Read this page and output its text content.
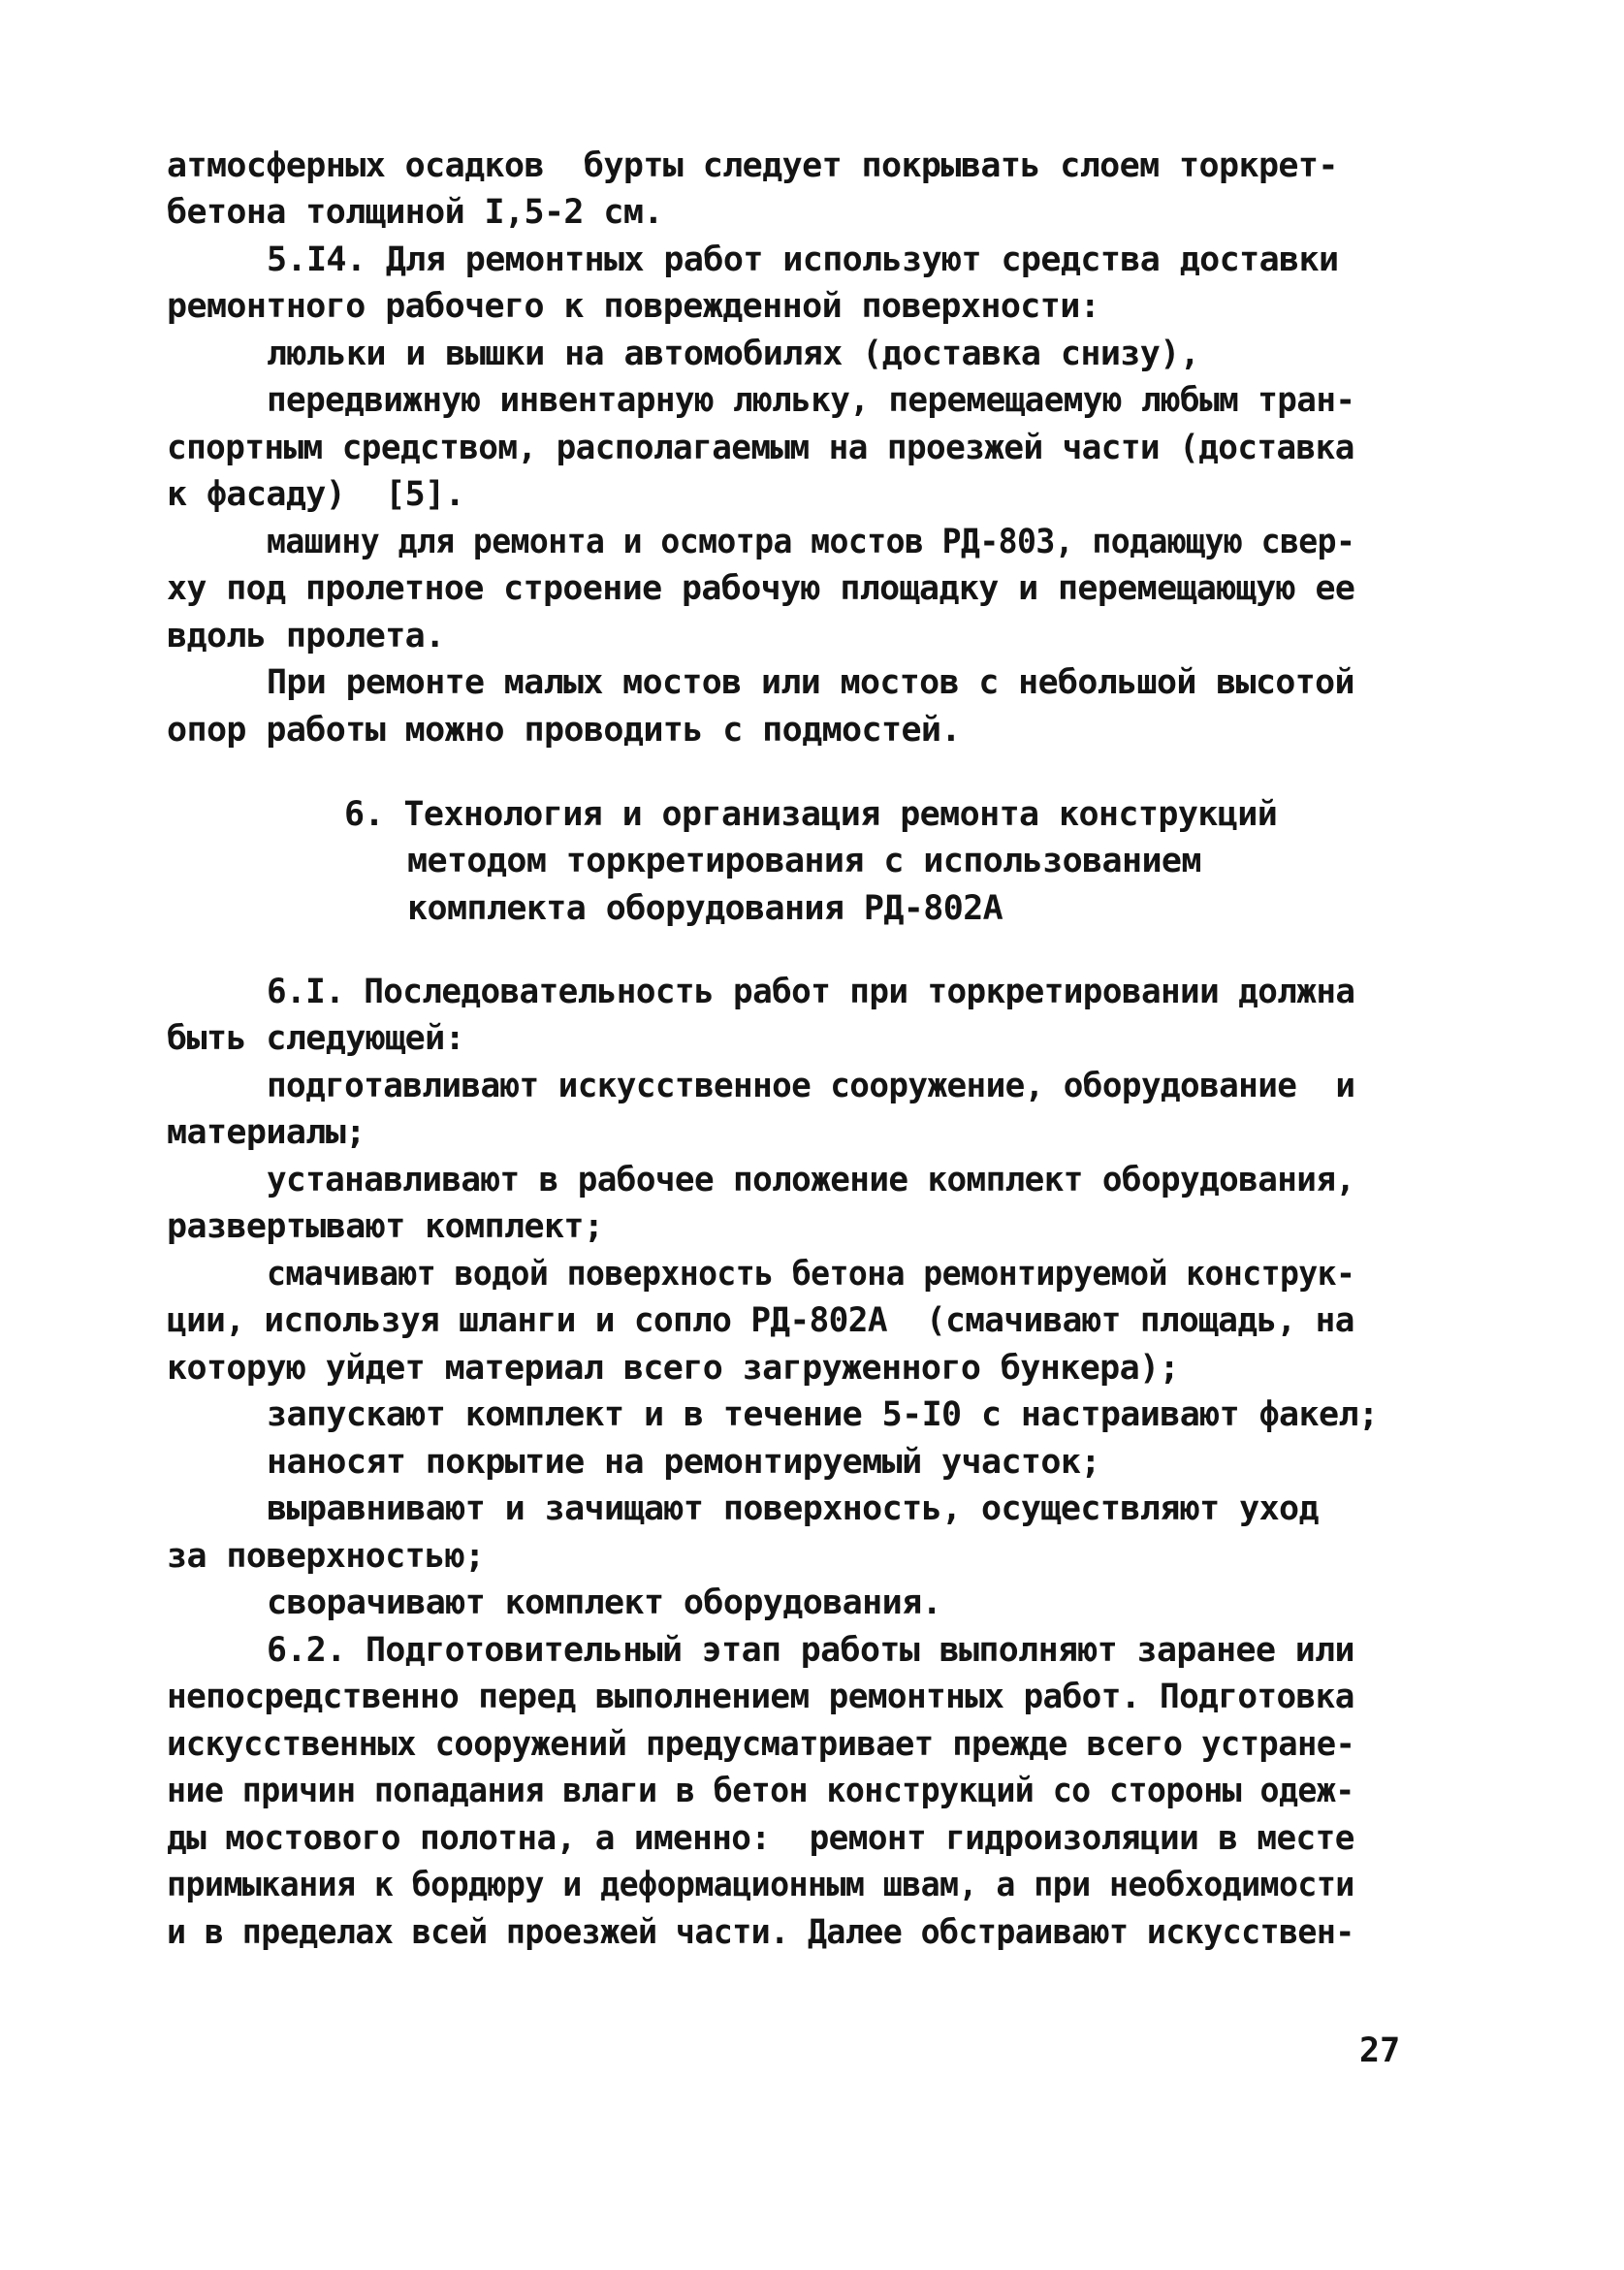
атмосферных осадков  бурты следует покрывать слоем торкрет-
бетона толщиной I,5-2 см.
5.I4. Для ремонтных работ используют средства доставки
ремонтного рабочего к поврежденной поверхности:
люльки и вышки на автомобилях (доставка снизу),
передвижную инвентарную люльку, перемещаемую любым тран-
спортным средством, располагаемым на проезжей части (доставка
к фасаду)  [5].
машину для ремонта и осмотра мостов РД-803, подающую свер-
ху под пролетное строение рабочую площадку и перемещающую ее
вдоль пролета.
При ремонте малых мостов или мостов с небольшой высотой
опор работы можно проводить с подмостей.
6. Технология и организация ремонта конструкций
методом торкретирования с использованием
комплекта оборудования РД-802А
6.I. Последовательность работ при торкретировании должна
быть следующей:
подготавливают искусственное сооружение, оборудование  и
материалы;
устанавливают в рабочее положение комплект оборудования,
развертывают комплект;
смачивают водой поверхность бетона ремонтируемой конструк-
ции, используя шланги и сопло РД-802А  (смачивают площадь, на
которую уйдет материал всего загруженного бункера);
запускают комплект и в течение 5-I0 с настраивают факел;
наносят покрытие на ремонтируемый участок;
выравнивают и зачищают поверхность, осуществляют уход
за поверхностью;
сворачивают комплект оборудования.
6.2. Подготовительный этап работы выполняют заранее или
непосредственно перед выполнением ремонтных работ. Подготовка
искусственных сооружений предусматривает прежде всего устране-
ние причин попадания влаги в бетон конструкций со стороны одеж-
ды мостового полотна, а именно:  ремонт гидроизоляции в месте
примыкания к бордюру и деформационным швам, а при необходимости
и в пределах всей проезжей части. Далее обстраивают искусствен-
27
